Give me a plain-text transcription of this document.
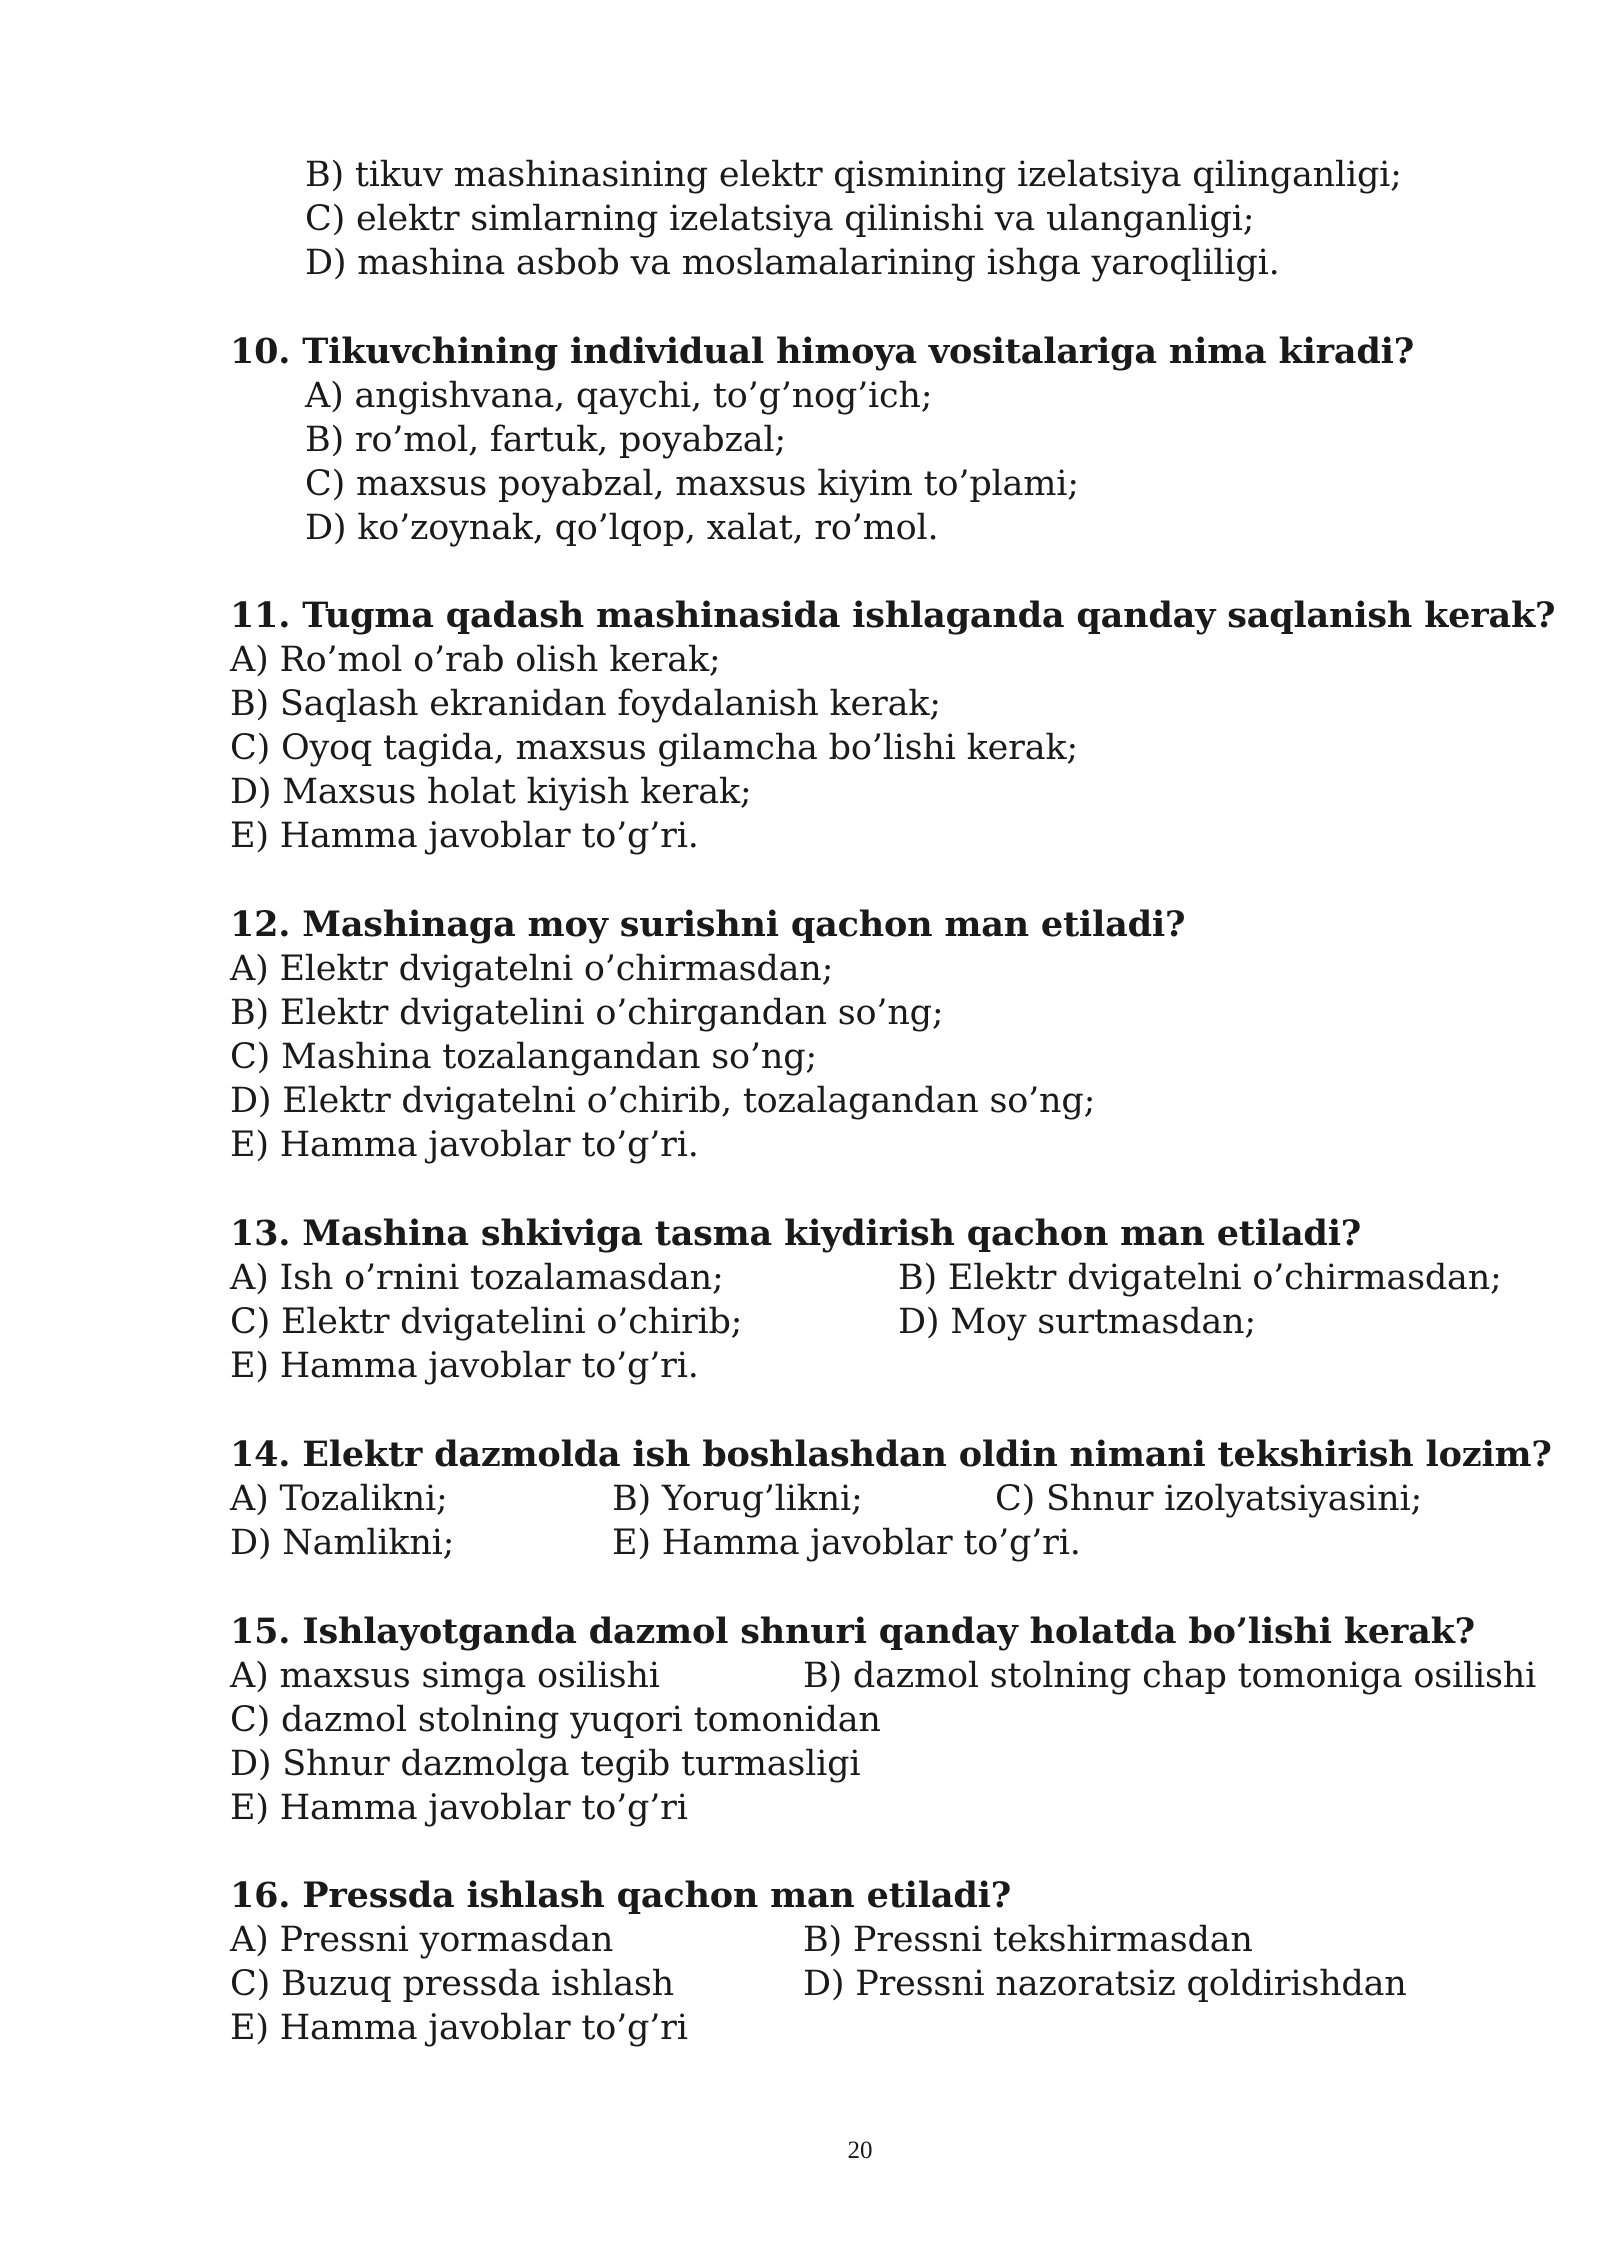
B) tikuv mashinasining elektr qismining izelatsiya qilinganligi;
C) elektr simlarning izelatsiya qilinishi va ulanganligi;
D) mashina asbob va moslamalarining ishga yaroqliligi.
10. Tikuvchining individual himoya vositalariga nima kiradi?
A) angishvana, qaychi, to’g’nog’ich;
B) ro’mol, fartuk, poyabzal;
C) maxsus poyabzal, maxsus kiyim to’plami;
D) ko’zoynak, qo’lqop, xalat, ro’mol.
11. Tugma qadash mashinasida ishlaganda qanday saqlanish kerak?
A) Ro’mol o’rab olish kerak;
B) Saqlash ekranidan foydalanish kerak;
C) Oyoq tagida, maxsus gilamcha bo’lishi kerak;
D) Maxsus holat kiyish kerak;
E) Hamma javoblar to’g’ri.
12. Mashinaga moy surishni qachon man etiladi?
A) Elektr dvigatelni o’chirmasdan;
B) Elektr dvigatelini o’chirgandan so’ng;
C) Mashina tozalangandan so’ng;
D) Elektr dvigatelni o’chirib, tozalagandan so’ng;
E) Hamma javoblar to’g’ri.
13. Mashina shkiviga tasma kiydirish qachon man etiladi?
A) Ish o’rnini tozalamasdan;	B) Elektr dvigatelni o’chirmasdan;
C) Elektr dvigatelini o’chirib;	D) Moy surtmasdan;
E) Hamma javoblar to’g’ri.
14. Elektr dazmolda ish boshlashdan oldin nimani tekshirish lozim?
A) Tozalikni;	B) Yorug’likni;	C) Shnur izolyatsiyasini;
D) Namlikni;	E) Hamma javoblar to’g’ri.
15. Ishlayotganda dazmol shnuri qanday holatda bo’lishi kerak?
A) maxsus simga osilishi	B) dazmol stolning chap tomoniga osilishi
C) dazmol stolning yuqori tomonidan
D) Shnur dazmolga tegib turmasligi
E) Hamma javoblar to’g’ri
16. Pressda ishlash qachon man etiladi?
A) Pressni yormasdan	B) Pressni tekshirmasdan
C) Buzuq pressda ishlash	D) Pressni nazoratsiz qoldirishdan
E) Hamma javoblar to’g’ri
20
